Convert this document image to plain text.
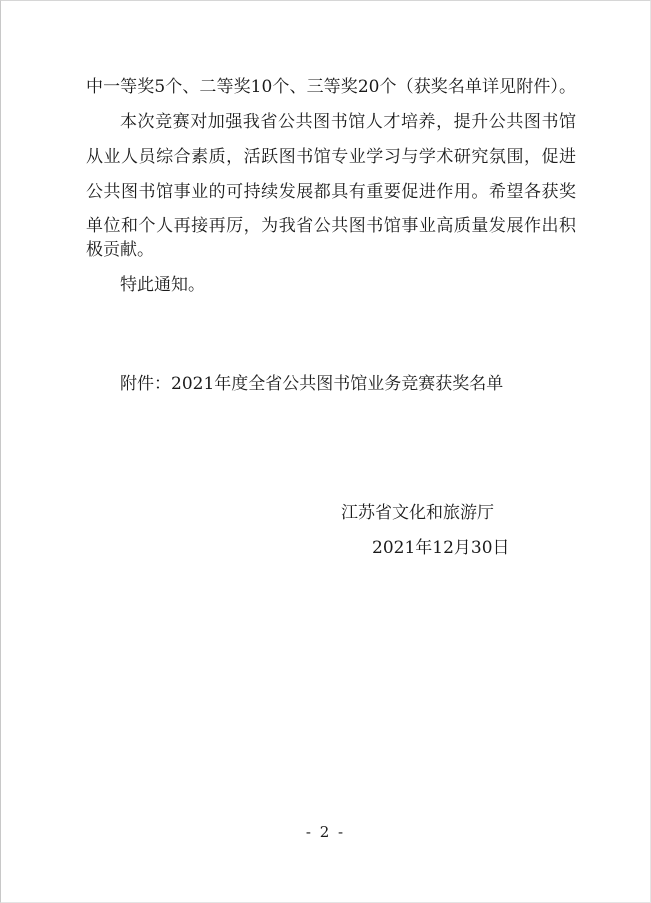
中一等奖5个、二等奖10个、三等奖20个（获奖名单详见附件）。
本次竞赛对加强我省公共图书馆人才培养，提升公共图书馆
从业人员综合素质，活跃图书馆专业学习与学术研究氛围，促进
公共图书馆事业的可持续发展都具有重要促进作用。希望各获奖
单位和个人再接再厉，为我省公共图书馆事业高质量发展作出积
极贡献。
特此通知。
附件：2021年度全省公共图书馆业务竞赛获奖名单
江苏省文化和旅游厅
2021年12月30日
- 2 -
